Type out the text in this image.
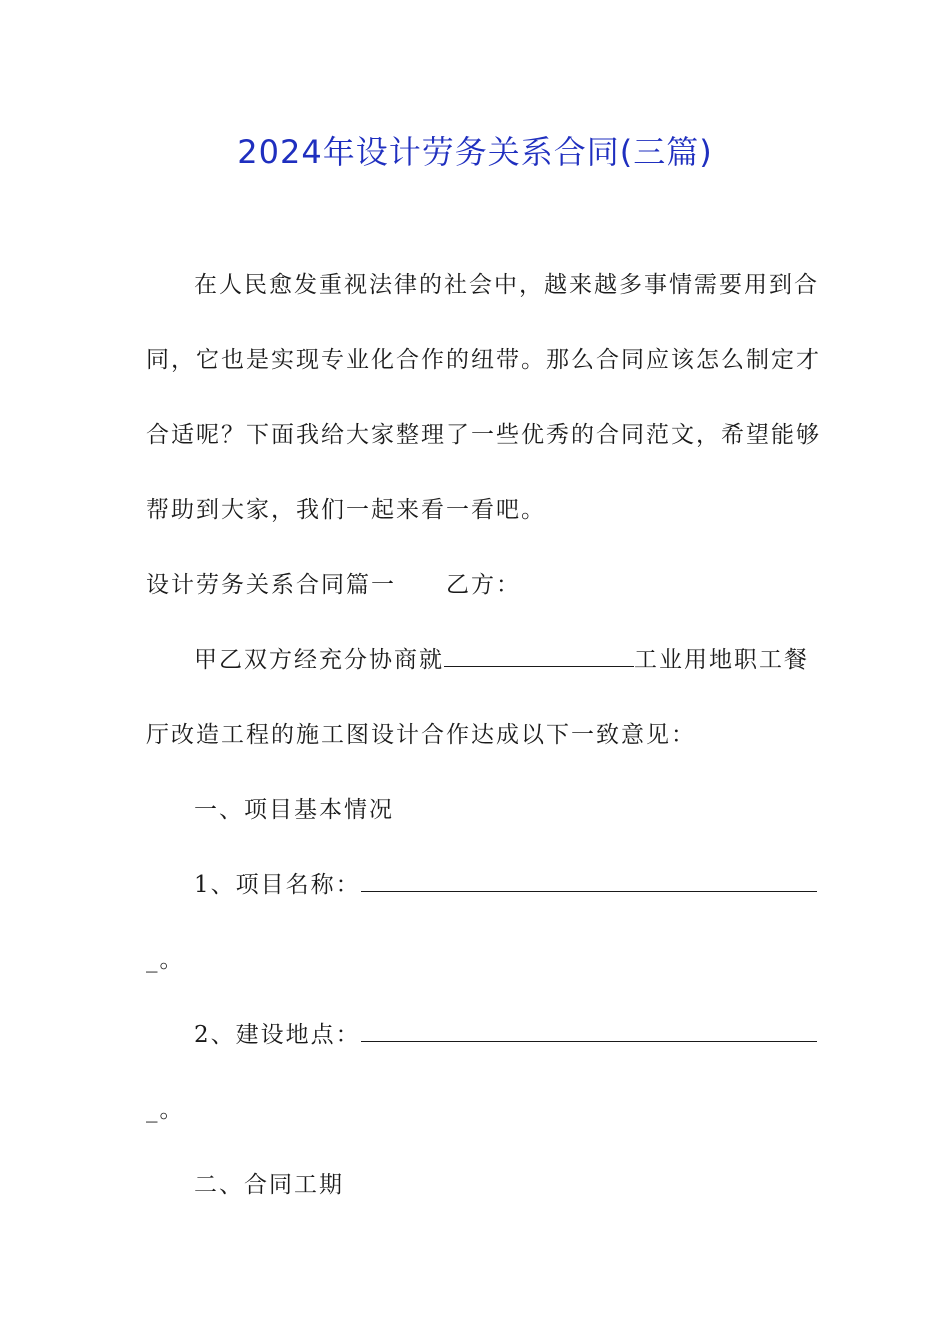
2024年设计劳务关系合同(三篇)
在人民愈发重视法律的社会中，越来越多事情需要用到合
同，它也是实现专业化合作的纽带。那么合同应该怎么制定才
合适呢？下面我给大家整理了一些优秀的合同范文，希望能够
帮助到大家，我们一起来看一看吧。
设计劳务关系合同篇一 乙方：
甲乙双方经充分协商就	工业用地职工餐
厅改造工程的施工图设计合作达成以下一致意见：
一、项目基本情况
1、项目名称：
_。
2、建设地点：
_。
二、合同工期
